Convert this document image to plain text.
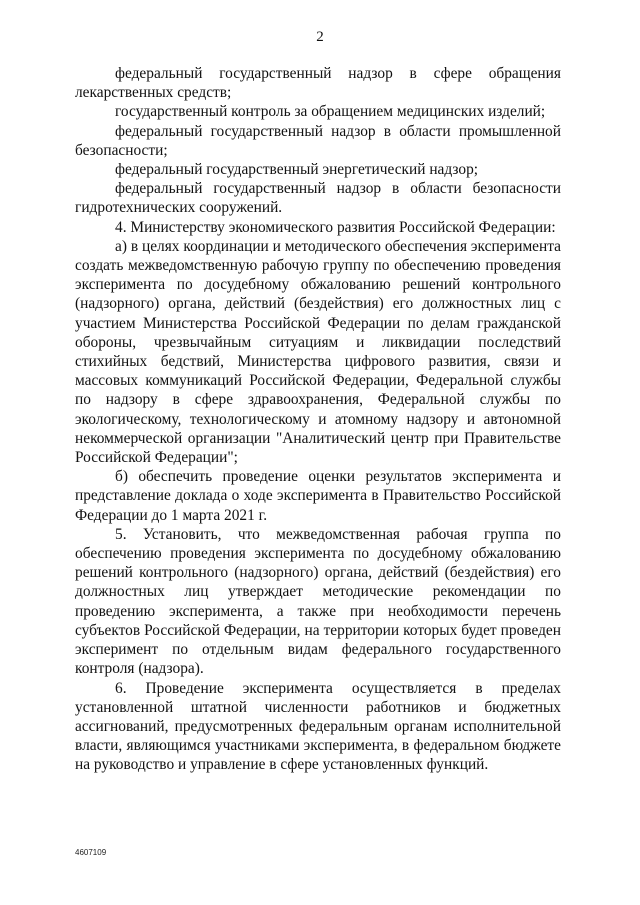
2

федеральный государственный надзор в сфере обращения лекарственных средств;

государственный контроль за обращением медицинских изделий;

федеральный государственный надзор в области промышленной безопасности;

федеральный государственный энергетический надзор;

федеральный государственный надзор в области безопасности гидротехнических сооружений.

4. Министерству экономического развития Российской Федерации:

а) в целях координации и методического обеспечения эксперимента создать межведомственную рабочую группу по обеспечению проведения эксперимента по досудебному обжалованию решений контрольного (надзорного) органа, действий (бездействия) его должностных лиц с участием Министерства Российской Федерации по делам гражданской обороны, чрезвычайным ситуациям и ликвидации последствий стихийных бедствий, Министерства цифрового развития, связи и массовых коммуникаций Российской Федерации, Федеральной службы по надзору в сфере здравоохранения, Федеральной службы по экологическому, технологическому и атомному надзору и автономной некоммерческой организации "Аналитический центр при Правительстве Российской Федерации";

б) обеспечить проведение оценки результатов эксперимента и представление доклада о ходе эксперимента в Правительство Российской Федерации до 1 марта 2021 г.

5. Установить, что межведомственная рабочая группа по обеспечению проведения эксперимента по досудебному обжалованию решений контрольного (надзорного) органа, действий (бездействия) его должностных лиц утверждает методические рекомендации по проведению эксперимента, а также при необходимости перечень субъектов Российской Федерации, на территории которых будет проведен эксперимент по отдельным видам федерального государственного контроля (надзора).

6. Проведение эксперимента осуществляется в пределах установленной штатной численности работников и бюджетных ассигнований, предусмотренных федеральным органам исполнительной власти, являющимся участниками эксперимента, в федеральном бюджете на руководство и управление в сфере установленных функций.

4607109
